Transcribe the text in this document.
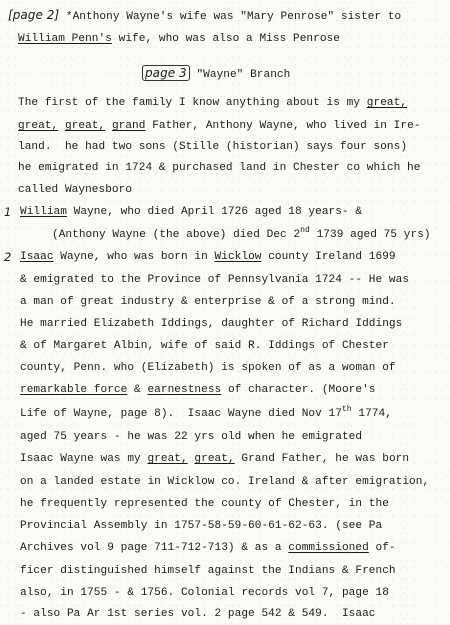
[page 2] *Anthony Wayne's wife was "Mary Penrose" sister to
William Penn's wife, who was also a Miss Penrose
page 3 "Wayne" Branch
The first of the family I know anything about is my great,
great, great, grand Father, Anthony Wayne, who lived in Ire-
land.  he had two sons (Stille (historian) says four sons)
he emigrated in 1724 & purchased land in Chester co which he
called Waynesboro
1 William Wayne, who died April 1726 aged 18 years- &
(Anthony Wayne (the above) died Dec 2nd 1739 aged 75 yrs)
2 Isaac Wayne, who was born in Wicklow county Ireland 1699
& emigrated to the Province of Pennsylvania 1724 -- He was
a man of great industry & enterprise & of a strong mind.
He married Elizabeth Iddings, daughter of Richard Iddings
& of Margaret Albin, wife of said R. Iddings of Chester
county, Penn. who (Elizabeth) is spoken of as a woman of
remarkable force & earnestness of character. (Moore's
Life of Wayne, page 8).  Isaac Wayne died Nov 17th 1774,
aged 75 years - he was 22 yrs old when he emigrated
Isaac Wayne was my great, great, Grand Father, he was born
on a landed estate in Wicklow co. Ireland & after emigration,
he frequently represented the county of Chester, in the
Provincial Assembly in 1757-58-59-60-61-62-63. (see Pa
Archives vol 9 page 711-712-713) & as a commissioned of-
ficer distinguished himself against the Indians & French
also, in 1755 - & 1756. Colonial records vol 7, page 18
- also Pa Ar 1st series vol. 2 page 542 & 549.  Isaac
